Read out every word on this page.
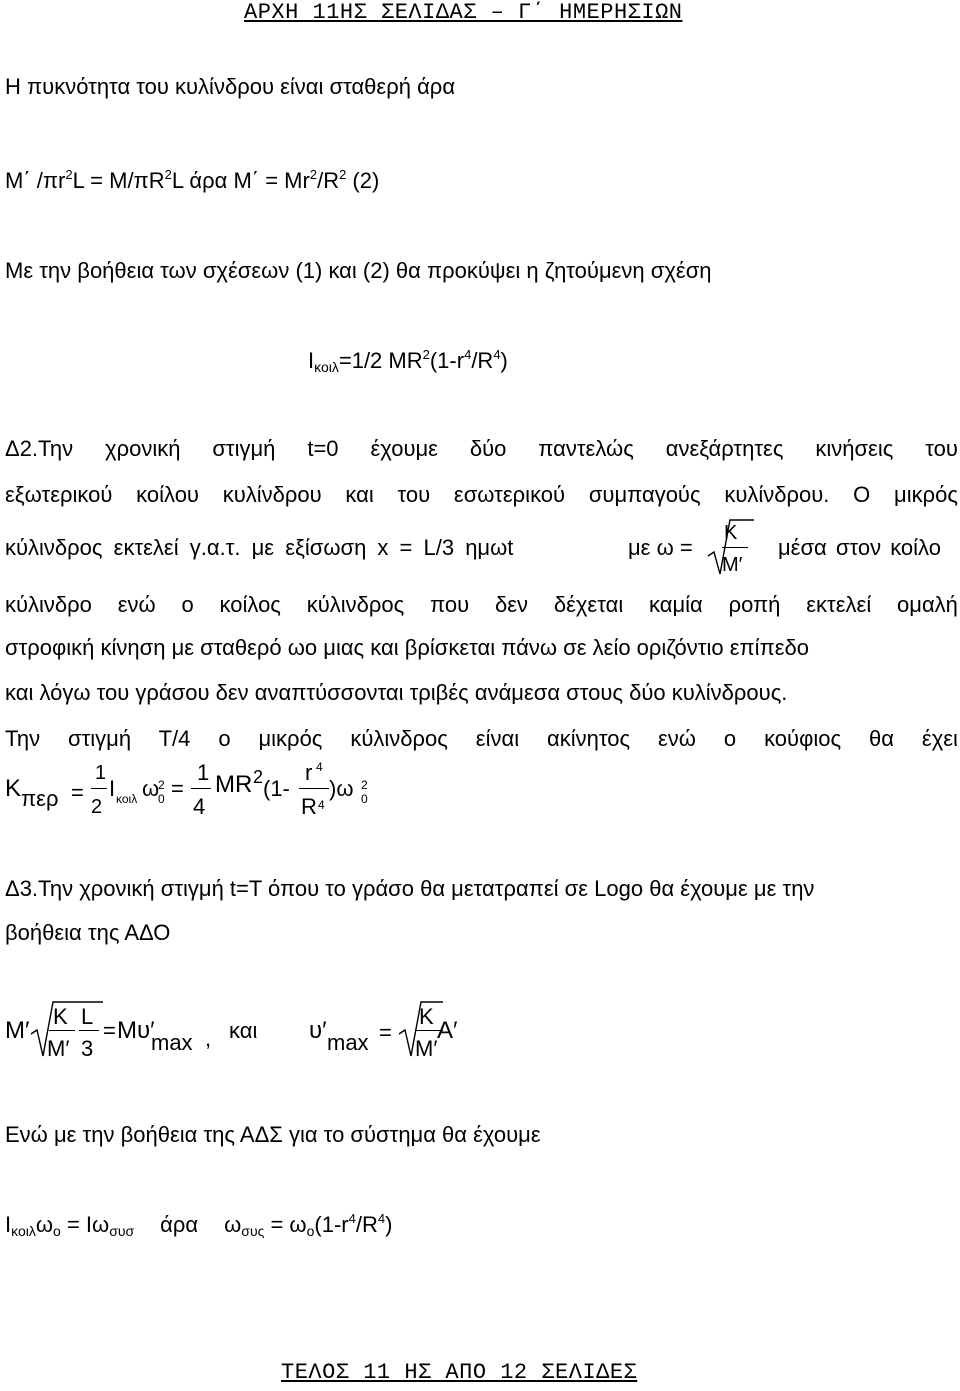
ΑΡΧΗ 11ΗΣ ΣΕΛΙΔΑΣ – Γ΄ ΗΜΕΡΗΣΙΩΝ
Η πυκνότητα του κυλίνδρου είναι σταθερή άρα
Μ΄ $/\pi r^2L = M/\pi R^2L$ άρα $M΄ = Mr^2/R^2$ (2)
Με την βοήθεια των σχέσεων (1) και (2) θα προκύψει η ζητούμενη σχέση
$I_{\kappa o\iota\lambda}=1/2$ $MR^2(1-r^4/R^4)$
Δ2.Την χρονική στιγμή t=0 έχουμε δύο παντελώς ανεξάρτητες κινήσεις του
εξωτερικού κοίλου κυλίνδρου και του εσωτερικού συμπαγούς κυλίνδρου. Ο μικρός
κύλινδρος εκτελεί γ.α.τ. με εξίσωση x = L/3 ημωt	με ω =
K
M′
μέσα στον κοίλο
κύλινδρο ενώ ο κοίλος κύλινδρος που δεν δέχεται καμία ροπή εκτελεί ομαλή
στροφική κίνηση με σταθερό ωο μιας και βρίσκεται πάνω σε λείο οριζόντιο επίπεδο
και λόγω του γράσου δεν αναπτύσσονται τριβές ανάμεσα στους δύο κυλίνδρους.
Την στιγμή Τ/4 ο μικρός κύλινδρος είναι ακίνητος ενώ ο κούφιος θα έχει
K περ =
1
2
I κοιλ ω
2
0 =
1
4
MR 2 (1-
r 4
R 4
)ω 2
0
Δ3.Την χρονική στιγμή t=T όπου το γράσο θα μετατραπεί σε Logo θα έχουμε με την
βοήθεια της ΑΔΟ
M′
K
M′
L
3
= Mυ′
max , και υ′ max =
K
M′
A′
Ενώ με την βοήθεια της ΑΔΣ για το σύστημα θα έχουμε
$I_{\kappa o\iota\lambda}\omega_o = I\omega_{\sigma\upsilon\sigma}$ άρα $\omega_{\sigma\upsilon\varsigma} = \omega_o(1-r^4/R^4)$
ΤΕΛΟΣ 11 ΗΣ ΑΠΟ 12 ΣΕΛΙΔΕΣ
